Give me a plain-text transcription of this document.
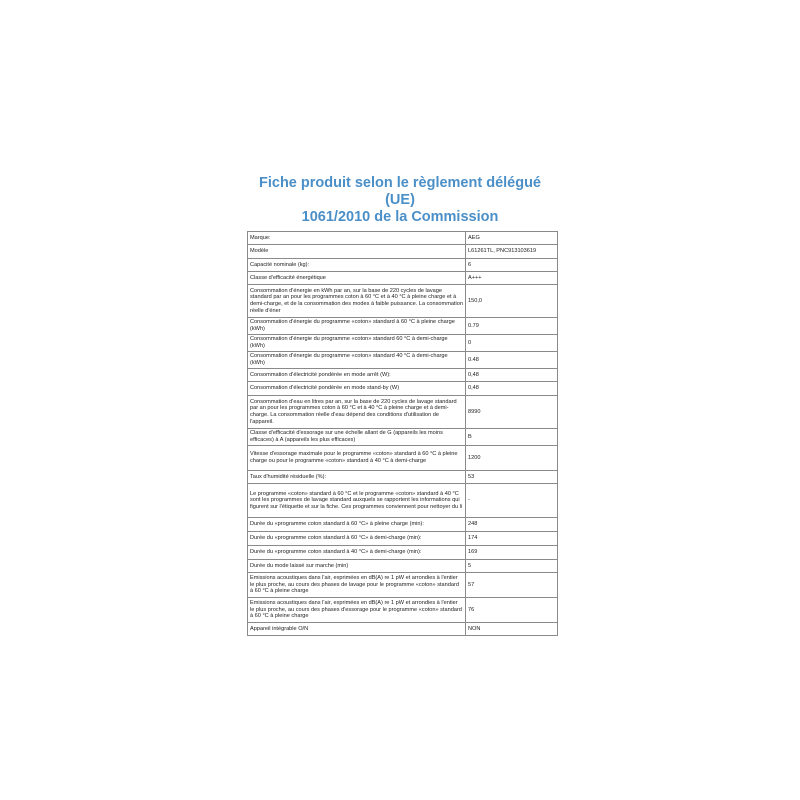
Fiche produit selon le règlement délégué (UE)
1061/2010 de la Commission
Marque:	AEG
Modèle	L61261TL, PNC913103619
Capacité nominale (kg):	6
Classe d'efficacité énergétique	A+++
Consommation d'énergie en kWh par an, sur la base de 220 cycles de lavage standard par an pour les programmes coton à 60 °C et à 40 °C à pleine charge et à demi-charge, et de la consommation des modes à faible puissance. La consommation réelle d'éner	150,0
Consommation d'énergie du programme «coton» standard à 60 °C à pleine charge (kWh)	0.79
Consommation d'énergie du programme «coton» standard 60 °C à demi-charge (kWh)	0
Consommation d'énergie du programme «coton» standard 40 °C à demi-charge (kWh)	0.48
Consommation d'électricité pondérée en mode arrêt (W):	0,48
Consommation d'électricité pondérée en mode stand-by (W)	0,48
Consommation d'eau en litres par an, sur la base de 220 cycles de lavage standard par an pour les programmes coton à 60 °C et à 40 °C à pleine charge et à demi-charge. La consommation réelle d'eau dépend des conditions d'utilisation de l'appareil.	8990
Classe d'efficacité d'essorage sur une échelle allant de G (appareils les moins efficaces) à A (appareils les plus efficaces)	B
Vitesse d'essorage maximale pour le programme «coton» standard à 60 °C à pleine charge ou pour le programme «coton» standard à 40 °C à demi-charge	1200
Taux d'humidité résiduelle (%):	53
Le programme «coton» standard à 60 °C et le programme «coton» standard à 40 °C sont les programmes de lavage standard auxquels se rapportent les informations qui figurent sur l'étiquette et sur la fiche. Ces programmes conviennent pour nettoyer du li	-
Durée du «programme coton standard à 60 °C» à pleine charge (min):	248
Durée du «programme coton standard à 60 °C» à demi-charge (min):	174
Durée du «programme coton standard à 40 °C» à demi-charge (min):	169
Durée du mode laissé sur marche (min)	5
Emissions acoustiques dans l'air, exprimées en dB(A) re 1 pW et arrondies à l'entier le plus proche, au cours des phases de lavage pour le programme «coton» standard à 60 °C à pleine charge	57
Emissions acoustiques dans l'air, exprimées en dB(A) re 1 pW et arrondies à l'entier le plus proche, au cours des phases d'essorage pour le programme «coton» standard à 60 °C à pleine charge	76
Appareil intégrable O/N	NON
